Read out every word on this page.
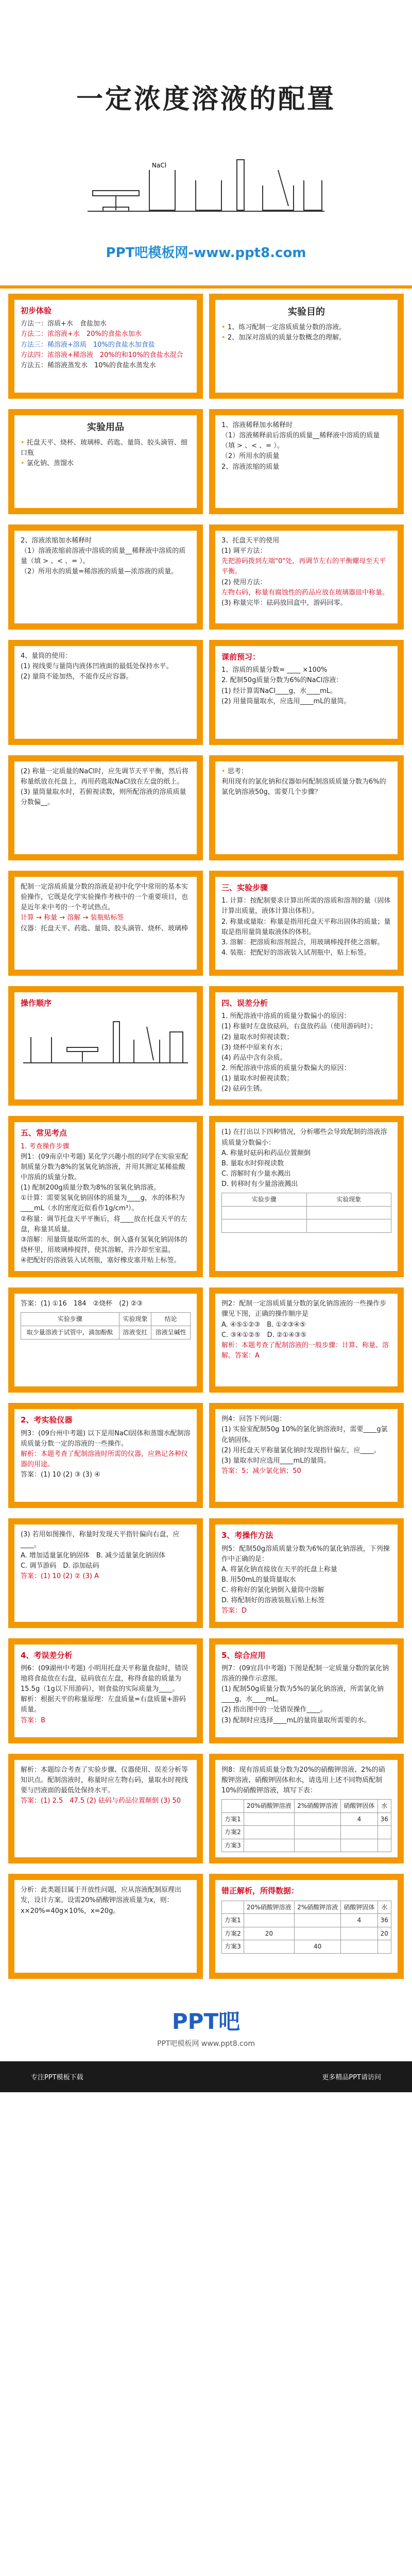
一定浓度溶液的配置
NaCl
PPT吧模板网-www.ppt8.com
初步体验
方法一：溶质+水　食盐加水
方法二：浓溶液+水　20%的食盐水加水
方法三：稀溶液+溶质　10%的食盐水加食盐
方法四：浓溶液+稀溶液　20%的和10%的食盐水混合
方法五：稀溶液蒸发水　10%的食盐水蒸发水
实验目的
• 1、练习配制一定溶质质量分数的溶液。
• 2、加深对溶质的质量分数概念的理解。
实验用品
• 托盘天平、烧杯、玻璃棒、药匙、量筒、胶头滴管、细口瓶
• 氯化钠、蒸馏水
1、溶液稀释加水稀释时
（1）溶液稀释前后溶质的质量__稀释液中溶质的质量（填 > 、< 、= ）。
（2）所用水的质量
2、溶液浓缩的质量
2、溶液浓缩加水稀释时
（1）溶液浓缩前溶液中溶质的质量__稀释液中溶质的质量（填 > 、< 、= ）。
（2）所用水的质量=稀溶液的质量—浓溶液的质量。
3、托盘天平的使用
(1) 调平方法：
先把游码拨到左端"0"处，再调节左右的平衡螺母至天平平衡。
(2) 使用方法：
左物右码，称量有腐蚀性的药品应放在玻璃器皿中称量。
(3) 称量完毕：砝码放回盒中，游码回零。
4、量筒的使用：
(1) 视线要与量筒内液体凹液面的最低处保持水平。
(2) 量筒不能加热，不能作反应容器。
课前预习：
1、溶质的质量分数= ____ ×100%
2. 配制50g质量分数为6%的NaCl溶液：
(1) 经计算需NaCl____g，水____mL。
(2) 用量筒量取水，应选用____mL的量筒。
(2) 称量一定质量的NaCl时，应先调节天平平衡，然后将称量纸放在托盘上，再用药匙取NaCl放在左盘的纸上。
(3) 量筒量取水时，若俯视读数，则所配溶液的溶质质量分数偏__。
• 思考：
利用现有的氯化钠和仪器如何配制溶质质量分数为6%的氯化钠溶液50g，需要几个步骤？
配制一定溶质质量分数的溶液是初中化学中常用的基本实验操作，它既是化学实验操作考核中的一个重要项目，也是近年来中考的一个考试热点。
计算 → 称量 → 溶解 → 装瓶贴标签
仪器：托盘天平、药匙、量筒、胶头滴管、烧杯、玻璃棒
三、实验步骤
1. 计算：按配制要求计算出所需的溶质和溶剂的量（固体计算出质量，液体计算出体积）。
2. 称量或量取：称量是指用托盘天平称出固体的质量；量取是指用量筒量取液体的体积。
3. 溶解：把溶质和溶剂混合，用玻璃棒搅拌使之溶解。
4. 装瓶：把配好的溶液装入试剂瓶中，贴上标签。
操作顺序	四、误差分析
1. 所配溶液中溶质的质量分数偏小的原因：
(1) 称量时左盘放砝码，右盘放药品（使用游码时）；
(2) 量取水时仰视读数；
(3) 烧杯中原来有水；
(4) 药品中含有杂质。
2. 所配溶液中溶质的质量分数偏大的原因：
(1) 量取水时俯视读数；
(2) 砝码生锈。
五、常见考点
1. 考查操作步骤
例1：(09南京中考题) 某化学兴趣小组的同学在实验室配制质量分数为8%的氢氧化钠溶液，并用其测定某稀盐酸中溶质的质量分数。
(1) 配制200g质量分数为8%的氢氧化钠溶液。
①计算：需要氢氧化钠固体的质量为____g，水的体积为____mL（水的密度近似看作1g/cm³）。
②称量：调节托盘天平平衡后，将____放在托盘天平的左盘，称量其质量。
③溶解：用量筒量取所需的水，倒入盛有氢氧化钠固体的烧杯里，用玻璃棒搅拌，使其溶解，并冷却至室温。
④把配好的溶液装入试剂瓶，塞好橡皮塞并贴上标签。
(1) 在打出以下四种情况，分析哪些会导致配制的溶液溶质质量分数偏小：
A. 称量时砝码和药品位置颠倒
B. 量取水时仰视读数
C. 溶解时有少量水溅出
D. 转移时有少量溶液溅出
实验步骤	实验现象

答案：(1) ①16　184　②烧杯　(2) ②③
实验步骤	实验现象	结论
取少量溶液于试管中，滴加酚酞	溶液变红	溶液呈碱性
例2：配制一定溶质质量分数的氯化钠溶液的一些操作步骤见下图，正确的操作顺序是
A. ④⑤①②③　B. ①②③④⑤
C. ③④①②⑤　D. ②①④③⑤
解析：本题考查了配制溶液的一般步骤：计算、称量、溶解。答案：A
2、考实验仪器
例3：(09台州中考题) 以下是用NaCl固体和蒸馏水配制溶质质量分数一定的溶液的一些操作。
解析：本题考查了配制溶液时所需的仪器，应熟记各种仪器的用途。
答案：(1) 10 (2) ③ (3) ④
例4：回答下列问题：
(1) 实验室配制50g 10%的氯化钠溶液时，需要____g氯化钠固体。
(2) 用托盘天平称量氯化钠时发现指针偏左，应____。
(3) 量取水时应选用____mL的量筒。
答案：5；减少氯化钠；50
(3) 若用如图操作，称量时发现天平指针偏向右盘，应____。
A. 增加适量氯化钠固体　B. 减少适量氯化钠固体
C. 调节游码　D. 添加砝码
答案：(1) 10 (2) ② (3) A
3、考操作方法
例5：配制50g溶质质量分数为6%的氯化钠溶液，下列操作中正确的是：
A. 将氯化钠直接放在天平的托盘上称量
B. 用50mL的量筒量取水
C. 将称好的氯化钠倒入量筒中溶解
D. 将配制好的溶液装瓶后贴上标签
答案：D
4、考误差分析
例6：(09湖州中考题) 小明用托盘天平称量食盐时，错误地将食盐放在右盘，砝码放在左盘，称得食盐的质量为15.5g（1g以下用游码），则食盐的实际质量为____。
解析：根据天平的称量原理：左盘质量=右盘质量+游码质量。
答案：B
5、综合应用
例7：(09宜昌中考题) 下图是配制一定质量分数的氯化钠溶液的操作示意图。
(1) 配制50g质量分数为5%的氯化钠溶液，所需氯化钠____g，水____mL。
(2) 指出图中的一处错误操作____。
(3) 配制时应选择____mL的量筒量取所需要的水。
解析：本题综合考查了实验步骤、仪器使用、误差分析等知识点。配制溶液时，称量时应左物右码，量取水时视线要与凹液面的最低处保持水平。
答案：(1) 2.5　47.5 (2) 砝码与药品位置颠倒 (3) 50
例8：现有溶质质量分数为20%的硝酸钾溶液、2%的硝酸钾溶液、硝酸钾固体和水，请选用上述不同物质配制10%的硝酸钾溶液，填写下表：
	20%硝酸钾溶液	2%硝酸钾溶液	硝酸钾固体	水
方案1			4	36
方案2				
方案3				
分析：此类题目属于开放性问题，应从溶液配制原理出发，设计方案。设需20%硝酸钾溶液质量为x，则：x×20%=40g×10%，x=20g。
错正解析，所得数据：
	20%硝酸钾溶液	2%硝酸钾溶液	硝酸钾固体	水
方案1			4	36
方案2	20			20
方案3		40		
PPT吧
PPT吧模板网 www.ppt8.com
专注PPT模板下载	更多精品PPT请访问
